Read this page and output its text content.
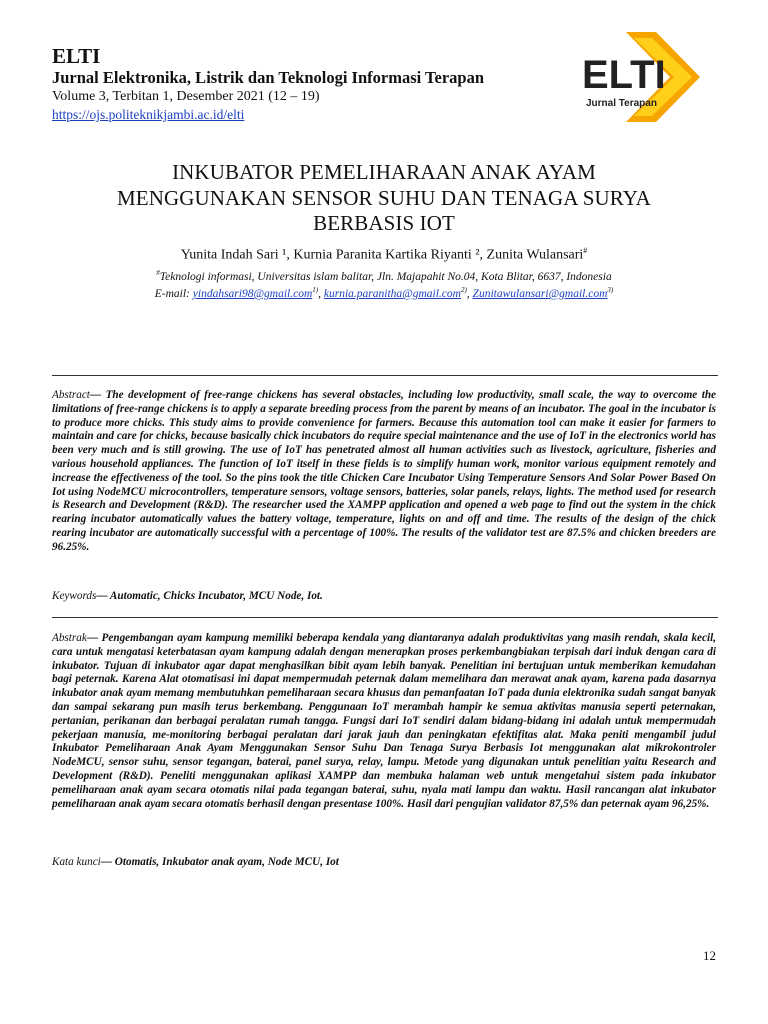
ELTI

Jurnal Elektronika, Listrik dan Teknologi Informasi Terapan

Volume 3, Terbitan 1, Desember 2021 (12 – 19)

https://ojs.politeknikjambi.ac.id/elti
ELTI
Jurnal Terapan
INKUBATOR PEMELIHARAAN ANAK AYAM
MENGGUNAKAN SENSOR SUHU DAN TENAGA SURYA
BERBASIS IOT

Yunita Indah Sari ¹, Kurnia Paranita Kartika Riyanti ², Zunita Wulansari#

#Teknologi informasi, Universitas islam balitar, Jln. Majapahit No.04, Kota Blitar, 6637, Indonesia

E-mail: yindahsari98@gmail.com$^{1)}$, kurnia.paranitha@gmail.com$^{2)}$, Zunitawulansari@gmail.com$^{3)}$

Abstract— The development of free-range chickens has several obstacles, including low productivity, small scale, the way to overcome the limitations of free-range chickens is to apply a separate breeding process from the parent by means of an incubator. The goal in the incubator is to produce more chicks. This study aims to provide convenience for farmers. Because this automation tool can make it easier for farmers to maintain and care for chicks, because basically chick incubators do require special maintenance and the use of IoT in the electronics world has been very much and is still growing. The use of IoT has penetrated almost all human activities such as livestock, agriculture, fisheries and various household appliances. The function of IoT itself in these fields is to simplify human work, monitor various equipment remotely and increase the effectiveness of the tool. So the pins took the title Chicken Care Incubator Using Temperature Sensors And Solar Power Based On Iot using NodeMCU microcontrollers, temperature sensors, voltage sensors, batteries, solar panels, relays, lights. The method used for research is Research and Development (R&D). The researcher used the XAMPP application and opened a web page to find out the system in the chick rearing incubator automatically values the battery voltage, temperature, lights on and off and time. The results of the design of the chick rearing incubator are automatically successful with a percentage of 100%. The results of the validator test are 87.5% and chicken breeders are 96.25%.

Keywords— Automatic, Chicks Incubator, MCU Node, Iot.

Abstrak— Pengembangan ayam kampung memiliki beberapa kendala yang diantaranya adalah produktivitas yang masih rendah, skala kecil, cara untuk mengatasi keterbatasan ayam kampung adalah dengan menerapkan proses perkembangbiakan terpisah dari induk dengan cara di inkubator. Tujuan di inkubator agar dapat menghasilkan bibit ayam lebih banyak. Penelitian ini bertujuan untuk memberikan kemudahan bagi peternak. Karena Alat otomatisasi ini dapat mempermudah peternak dalam memelihara dan merawat anak ayam, karena pada dasarnya inkubator anak ayam memang membutuhkan pemeliharaan secara khusus dan pemanfaatan IoT pada dunia elektronika sudah sangat banyak dan sampai sekarang pun masih terus berkembang. Penggunaan IoT merambah hampir ke semua aktivitas manusia seperti peternakan, pertanian, perikanan dan berbagai peralatan rumah tangga. Fungsi dari IoT sendiri dalam bidang-bidang ini adalah untuk mempermudah pekerjaan manusia, me-monitoring berbagai peralatan dari jarak jauh dan peningkatan efektifitas alat. Maka peniti mengambil judul Inkubator Pemeliharaan Anak Ayam Menggunakan Sensor Suhu Dan Tenaga Surya Berbasis Iot menggunakan alat mikrokontroler NodeMCU, sensor suhu, sensor tegangan, baterai, panel surya, relay, lampu. Metode yang digunakan untuk penelitian yaitu Research and Development (R&D). Peneliti menggunakan aplikasi XAMPP dan membuka halaman web untuk mengetahui sistem pada inkubator pemeliharaan anak ayam secara otomatis nilai pada tegangan baterai, suhu, nyala mati lampu dan waktu. Hasil rancangan alat inkubator pemeliharaan anak ayam secara otomatis berhasil dengan presentase 100%. Hasil dari pengujian validator 87,5% dan peternak ayam 96,25%.

Kata kunci— Otomatis, Inkubator anak ayam, Node MCU, Iot

12
